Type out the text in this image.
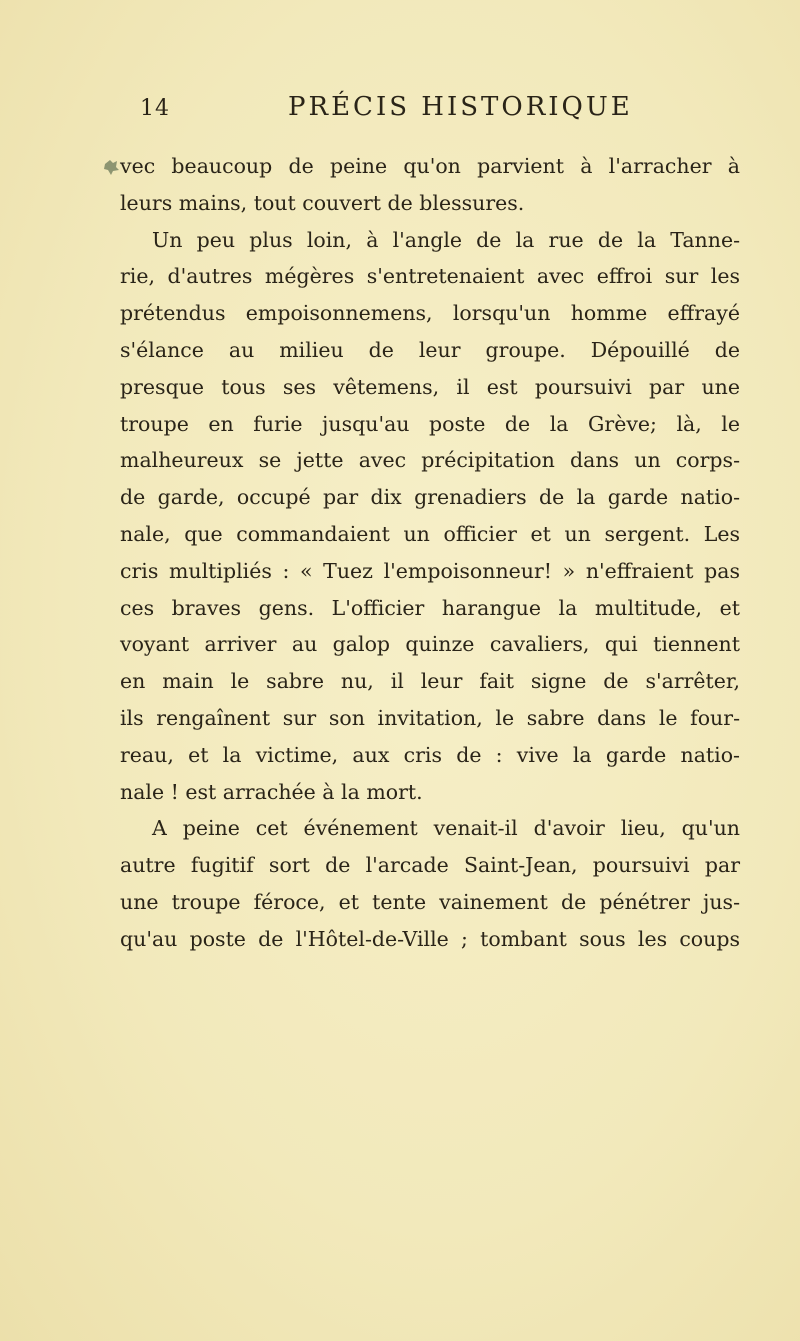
14	PRÉCIS HISTORIQUE
vec beaucoup de peine qu'on parvient à l'arracher à
leurs mains, tout couvert de blessures.
Un peu plus loin, à l'angle de la rue de la Tanne-
rie, d'autres mégères s'entretenaient avec effroi sur les
prétendus empoisonnemens, lorsqu'un homme effrayé
s'élance au milieu de leur groupe. Dépouillé de
presque tous ses vêtemens, il est poursuivi par une
troupe en furie jusqu'au poste de la Grève; là, le
malheureux se jette avec précipitation dans un corps-
de garde, occupé par dix grenadiers de la garde natio-
nale, que commandaient un officier et un sergent. Les
cris multipliés : « Tuez l'empoisonneur! » n'effraient pas
ces braves gens. L'officier harangue la multitude, et
voyant arriver au galop quinze cavaliers, qui tiennent
en main le sabre nu, il leur fait signe de s'arrêter,
ils rengaînent sur son invitation, le sabre dans le four-
reau, et la victime, aux cris de : vive la garde natio-
nale ! est arrachée à la mort.
A peine cet événement venait-il d'avoir lieu, qu'un
autre fugitif sort de l'arcade Saint-Jean, poursuivi par
une troupe féroce, et tente vainement de pénétrer jus-
qu'au poste de l'Hôtel-de-Ville ; tombant sous les coups
